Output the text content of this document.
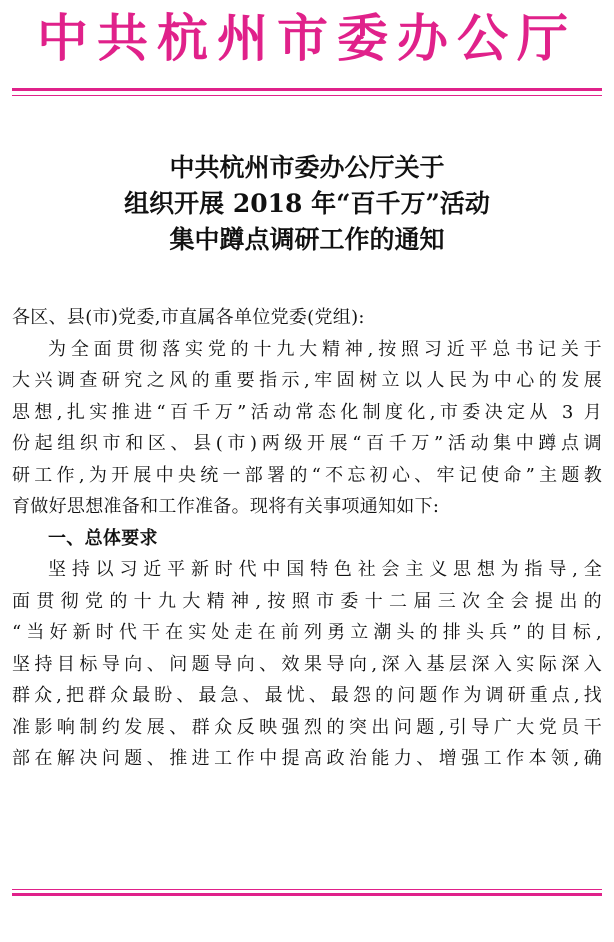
中共杭州市委办公厅
中共杭州市委办公厅关于
组织开展 2018 年“百千万”活动
集中蹲点调研工作的通知
各区、县(市)党委,市直属各单位党委(党组):
为全面贯彻落实党的十九大精神,按照习近平总书记关于
大兴调查研究之风的重要指示,牢固树立以人民为中心的发展
思想,扎实推进“百千万”活动常态化制度化,市委决定从 3 月
份起组织市和区、县(市)两级开展“百千万”活动集中蹲点调
研工作,为开展中央统一部署的“不忘初心、牢记使命”主题教
育做好思想准备和工作准备。现将有关事项通知如下:
一、总体要求
坚持以习近平新时代中国特色社会主义思想为指导,全
面贯彻党的十九大精神,按照市委十二届三次全会提出的
“当好新时代干在实处走在前列勇立潮头的排头兵”的目标,
坚持目标导向、问题导向、效果导向,深入基层深入实际深入
群众,把群众最盼、最急、最忧、最怨的问题作为调研重点,找
准影响制约发展、群众反映强烈的突出问题,引导广大党员干
部在解决问题、推进工作中提高政治能力、增强工作本领,确
